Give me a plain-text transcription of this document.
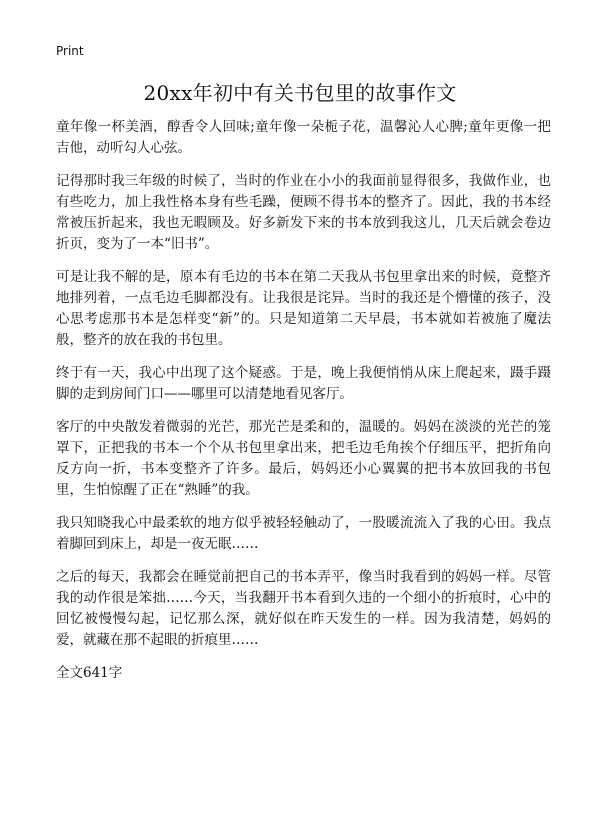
Print
20xx年初中有关书包里的故事作文

童年像一杯美酒，醇香令人回味;童年像一朵栀子花，温馨沁人心脾;童年更像一把吉他，动听勾人心弦。

记得那时我三年级的时候了，当时的作业在小小的我面前显得很多，我做作业，也有些吃力，加上我性格本身有些毛躁，便顾不得书本的整齐了。因此，我的书本经常被压折起来，我也无暇顾及。好多新发下来的书本放到我这儿，几天后就会卷边折页，变为了一本“旧书”。

可是让我不解的是，原本有毛边的书本在第二天我从书包里拿出来的时候，竟整齐地排列着，一点毛边毛脚都没有。让我很是诧异。当时的我还是个懵懂的孩子，没心思考虑那书本是怎样变“新”的。只是知道第二天早晨，书本就如若被施了魔法般，整齐的放在我的书包里。

终于有一天，我心中出现了这个疑惑。于是，晚上我便悄悄从床上爬起来，蹑手蹑脚的走到房间门口——哪里可以清楚地看见客厅。

客厅的中央散发着微弱的光芒，那光芒是柔和的，温暖的。妈妈在淡淡的光芒的笼罩下，正把我的书本一个个从书包里拿出来，把毛边毛角挨个仔细压平，把折角向反方向一折，书本变整齐了许多。最后，妈妈还小心翼翼的把书本放回我的书包里，生怕惊醒了正在“熟睡”的我。

我只知晓我心中最柔软的地方似乎被轻轻触动了，一股暖流流入了我的心田。我点着脚回到床上，却是一夜无眠……

之后的每天，我都会在睡觉前把自己的书本弄平，像当时我看到的妈妈一样。尽管我的动作很是笨拙……今天，当我翻开书本看到久违的一个细小的折痕时，心中的回忆被慢慢勾起，记忆那么深，就好似在昨天发生的一样。因为我清楚，妈妈的爱，就藏在那不起眼的折痕里……

全文641字
